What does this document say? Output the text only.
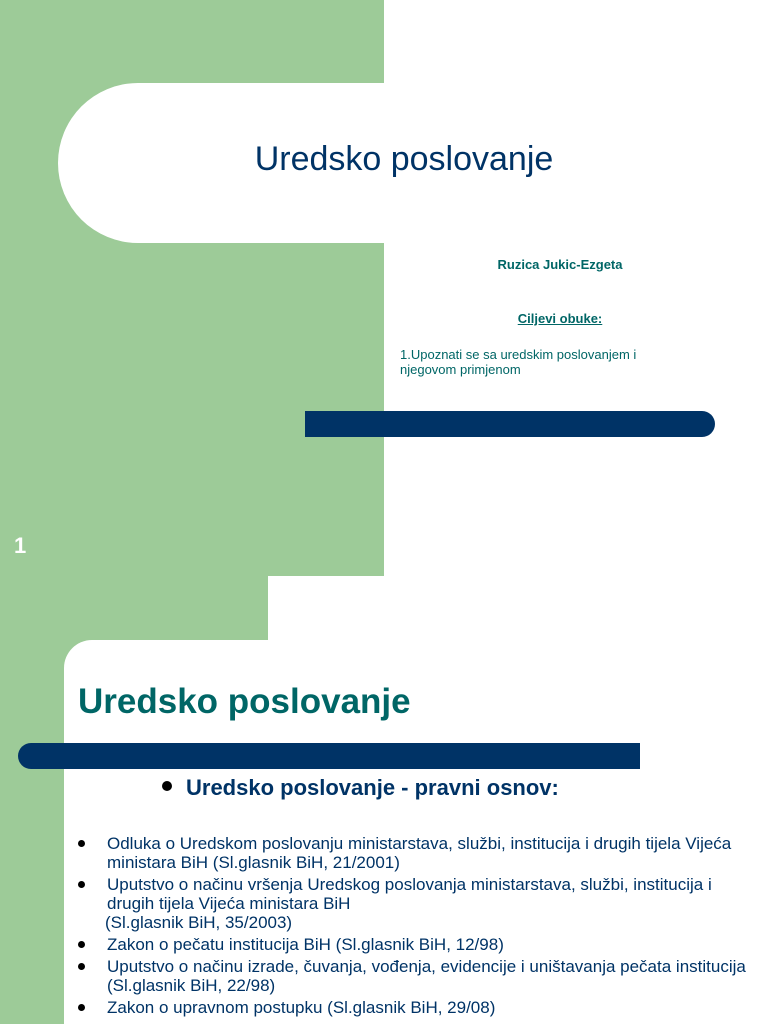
Uredsko poslovanje
Ruzica Jukic-Ezgeta
Ciljevi obuke:
1.Upoznati se sa uredskim poslovanjem i njegovom primjenom
1
Uredsko poslovanje
Uredsko poslovanje - pravni osnov:
Odluka o Uredskom poslovanju ministarstava, službi, institucija i drugih tijela Vijeća ministara BiH (Sl.glasnik BiH, 21/2001)
Uputstvo o načinu vršenja Uredskog poslovanja ministarstava, službi, institucija i drugih tijela Vijeća ministara BiH
(Sl.glasnik BiH, 35/2003)
Zakon o pečatu institucija BiH (Sl.glasnik BiH, 12/98)
Uputstvo o načinu izrade, čuvanja, vođenja, evidencije i uništavanja pečata institucija (Sl.glasnik BiH, 22/98)
Zakon o upravnom postupku (Sl.glasnik BiH, 29/08)
